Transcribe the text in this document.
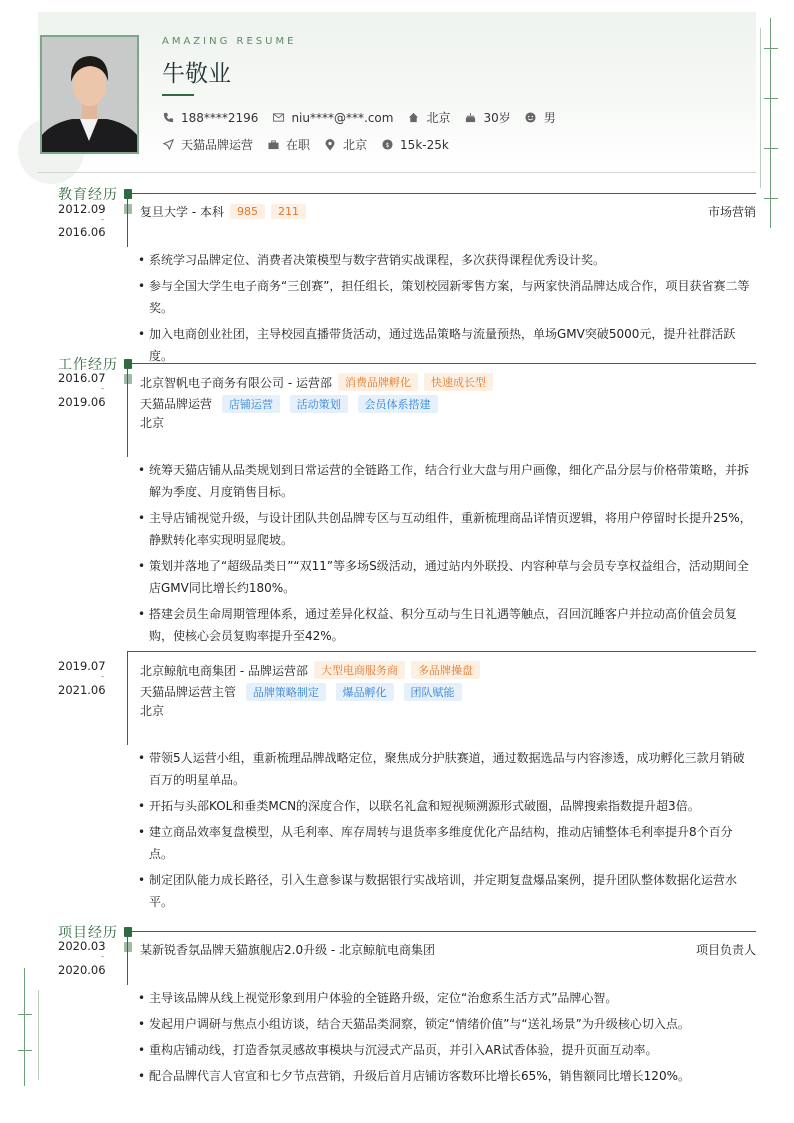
AMAZING RESUME
牛敬业
188****2196	niu****@***.com	北京	30岁	男
天猫品牌运营	在职	北京	$ 15k-25k
教育经历
2012.09
-
2016.06
复旦大学 - 本科	985	211	市场营销
• 系统学习品牌定位、消费者决策模型与数字营销实战课程，多次获得课程优秀设计奖。
• 参与全国大学生电子商务“三创赛”，担任组长，策划校园新零售方案，与两家快消品牌达成合作，项目获省赛二等奖。
• 加入电商创业社团，主导校园直播带货活动，通过选品策略与流量预热，单场GMV突破5000元，提升社群活跃度。
工作经历
2016.07
-
2019.06
北京智帆电子商务有限公司 - 运营部	消费品牌孵化	快速成长型
天猫品牌运营 店铺运营 活动策划 会员体系搭建
北京
• 统筹天猫店铺从品类规划到日常运营的全链路工作，结合行业大盘与用户画像，细化产品分层与价格带策略，并拆解为季度、月度销售目标。
• 主导店铺视觉升级，与设计团队共创品牌专区与互动组件，重新梳理商品详情页逻辑，将用户停留时长提升25%，静默转化率实现明显爬坡。
• 策划并落地了“超级品类日”“双11”等多场S级活动，通过站内外联投、内容种草与会员专享权益组合，活动期间全店GMV同比增长约180%。
• 搭建会员生命周期管理体系，通过差异化权益、积分互动与生日礼遇等触点，召回沉睡客户并拉动高价值会员复购，使核心会员复购率提升至42%。
2019.07
-
2021.06
北京鲸航电商集团 - 品牌运营部	大型电商服务商	多品牌操盘
天猫品牌运营主管 品牌策略制定 爆品孵化 团队赋能
北京
• 带领5人运营小组，重新梳理品牌战略定位，聚焦成分护肤赛道，通过数据选品与内容渗透，成功孵化三款月销破百万的明星单品。
• 开拓与头部KOL和垂类MCN的深度合作，以联名礼盒和短视频溯源形式破圈，品牌搜索指数提升超3倍。
• 建立商品效率复盘模型，从毛利率、库存周转与退货率多维度优化产品结构，推动店铺整体毛利率提升8个百分点。
• 制定团队能力成长路径，引入生意参谋与数据银行实战培训，并定期复盘爆品案例，提升团队整体数据化运营水平。
项目经历
2020.03
-
2020.06
某新锐香氛品牌天猫旗舰店2.0升级 - 北京鲸航电商集团	项目负责人
• 主导该品牌从线上视觉形象到用户体验的全链路升级，定位“治愈系生活方式”品牌心智。
• 发起用户调研与焦点小组访谈，结合天猫品类洞察，锁定“情绪价值”与“送礼场景”为升级核心切入点。
• 重构店铺动线，打造香氛灵感故事模块与沉浸式产品页，并引入AR试香体验，提升页面互动率。
• 配合品牌代言人官宣和七夕节点营销，升级后首月店铺访客数环比增长65%，销售额同比增长120%。
